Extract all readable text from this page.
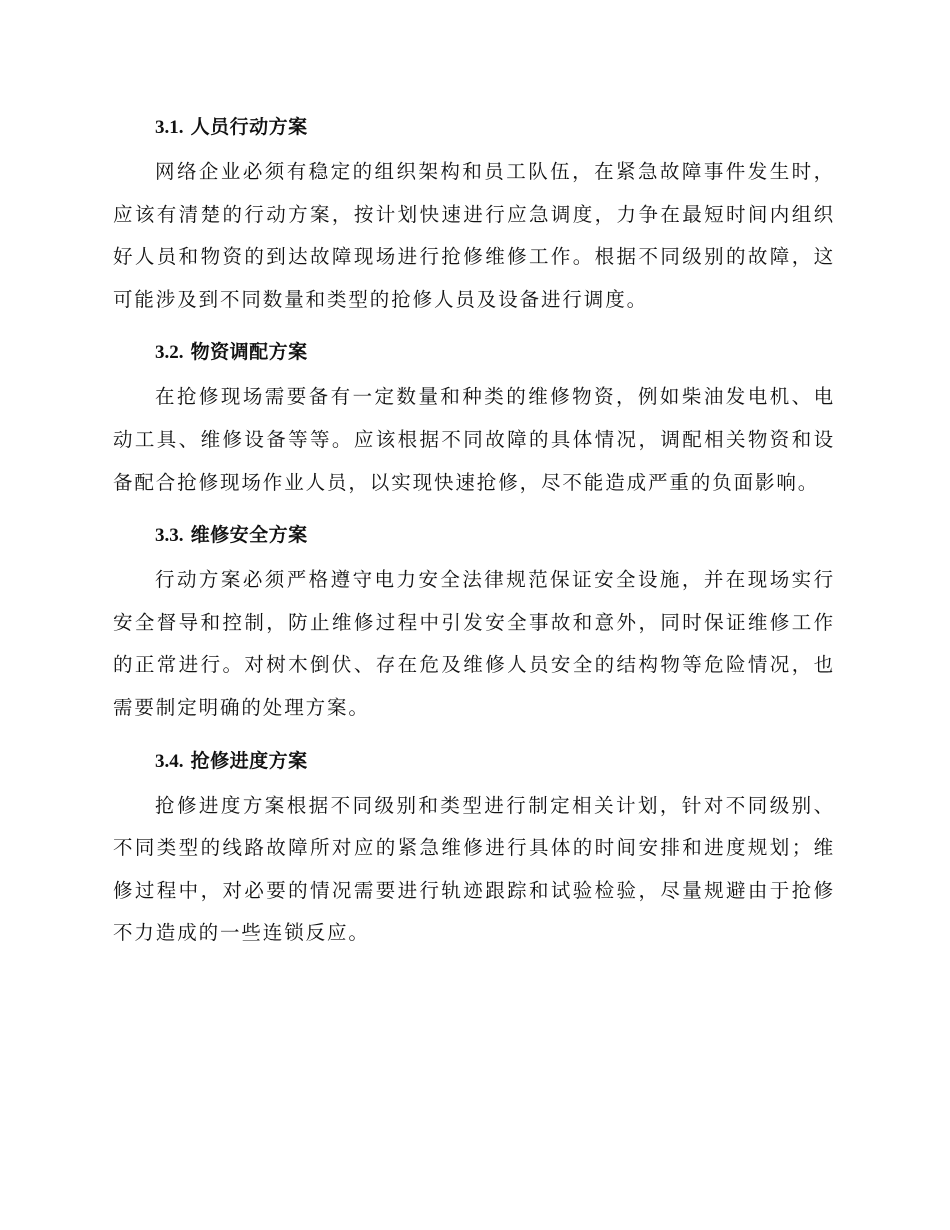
3.1. 人员行动方案

网络企业必须有稳定的组织架构和员工队伍，在紧急故障事件发生时，应该有清楚的行动方案，按计划快速进行应急调度，力争在最短时间内组织好人员和物资的到达故障现场进行抢修维修工作。根据不同级别的故障，这可能涉及到不同数量和类型的抢修人员及设备进行调度。

3.2. 物资调配方案

在抢修现场需要备有一定数量和种类的维修物资，例如柴油发电机、电动工具、维修设备等等。应该根据不同故障的具体情况，调配相关物资和设备配合抢修现场作业人员，以实现快速抢修，尽不能造成严重的负面影响。

3.3. 维修安全方案

行动方案必须严格遵守电力安全法律规范保证安全设施，并在现场实行安全督导和控制，防止维修过程中引发安全事故和意外，同时保证维修工作的正常进行。对树木倒伏、存在危及维修人员安全的结构物等危险情况，也需要制定明确的处理方案。

3.4. 抢修进度方案

抢修进度方案根据不同级别和类型进行制定相关计划，针对不同级别、不同类型的线路故障所对应的紧急维修进行具体的时间安排和进度规划；维修过程中，对必要的情况需要进行轨迹跟踪和试验检验，尽量规避由于抢修不力造成的一些连锁反应。
